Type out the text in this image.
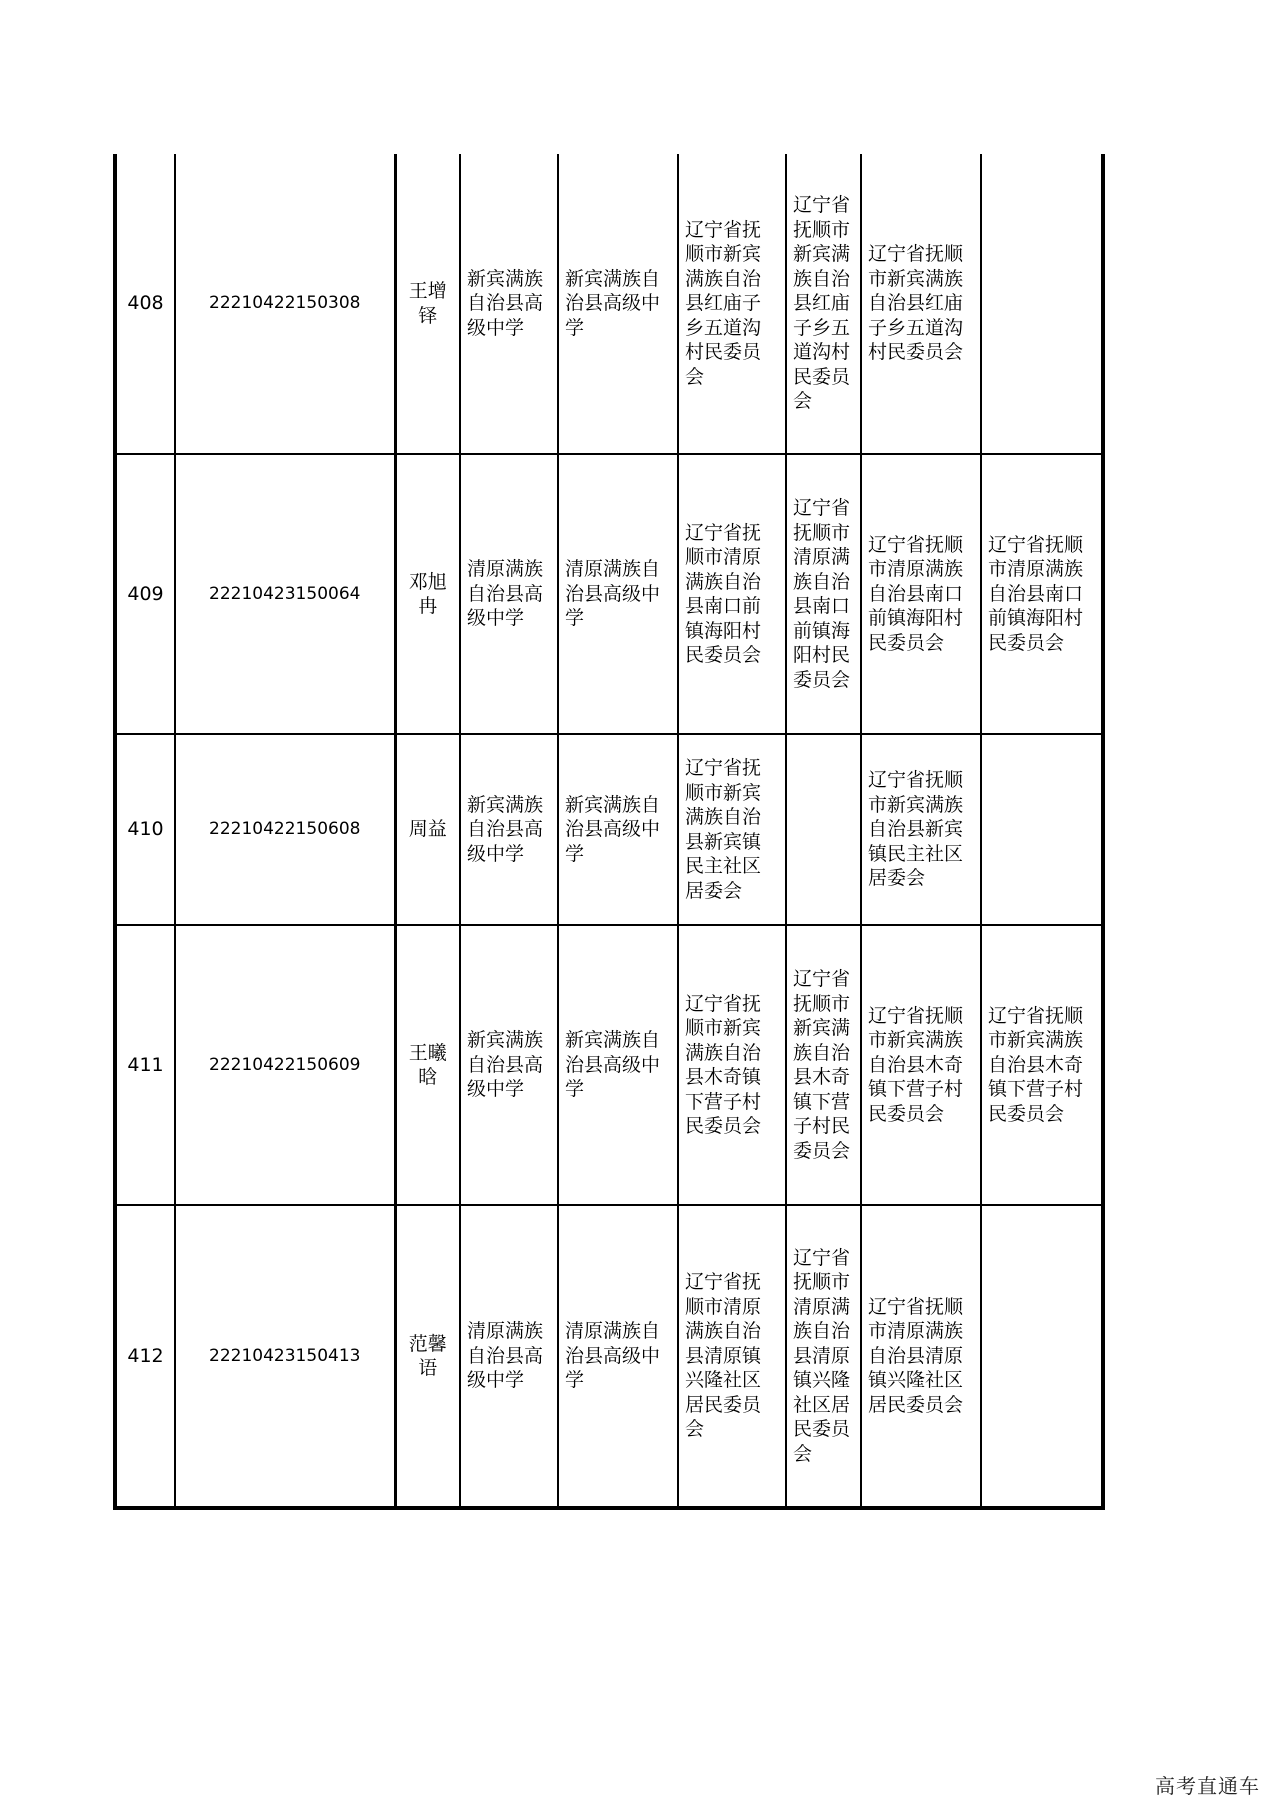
408	22210422150308	王增铎	新宾满族自治县高级中学	新宾满族自治县高级中学	辽宁省抚顺市新宾满族自治县红庙子乡五道沟村民委员会	辽宁省抚顺市新宾满族自治县红庙子乡五道沟村民委员会	辽宁省抚顺市新宾满族自治县红庙子乡五道沟村民委员会	
409	22210423150064	邓旭冉	清原满族自治县高级中学	清原满族自治县高级中学	辽宁省抚顺市清原满族自治县南口前镇海阳村民委员会	辽宁省抚顺市清原满族自治县南口前镇海阳村民委员会	辽宁省抚顺市清原满族自治县南口前镇海阳村民委员会	辽宁省抚顺市清原满族自治县南口前镇海阳村民委员会
410	22210422150608	周益	新宾满族自治县高级中学	新宾满族自治县高级中学	辽宁省抚顺市新宾满族自治县新宾镇民主社区居委会		辽宁省抚顺市新宾满族自治县新宾镇民主社区居委会	
411	22210422150609	王曦晗	新宾满族自治县高级中学	新宾满族自治县高级中学	辽宁省抚顺市新宾满族自治县木奇镇下营子村民委员会	辽宁省抚顺市新宾满族自治县木奇镇下营子村民委员会	辽宁省抚顺市新宾满族自治县木奇镇下营子村民委员会	辽宁省抚顺市新宾满族自治县木奇镇下营子村民委员会
412	22210423150413	范馨语	清原满族自治县高级中学	清原满族自治县高级中学	辽宁省抚顺市清原满族自治县清原镇兴隆社区居民委员会	辽宁省抚顺市清原满族自治县清原镇兴隆社区居民委员会	辽宁省抚顺市清原满族自治县清原镇兴隆社区居民委员会	
高考直通车
